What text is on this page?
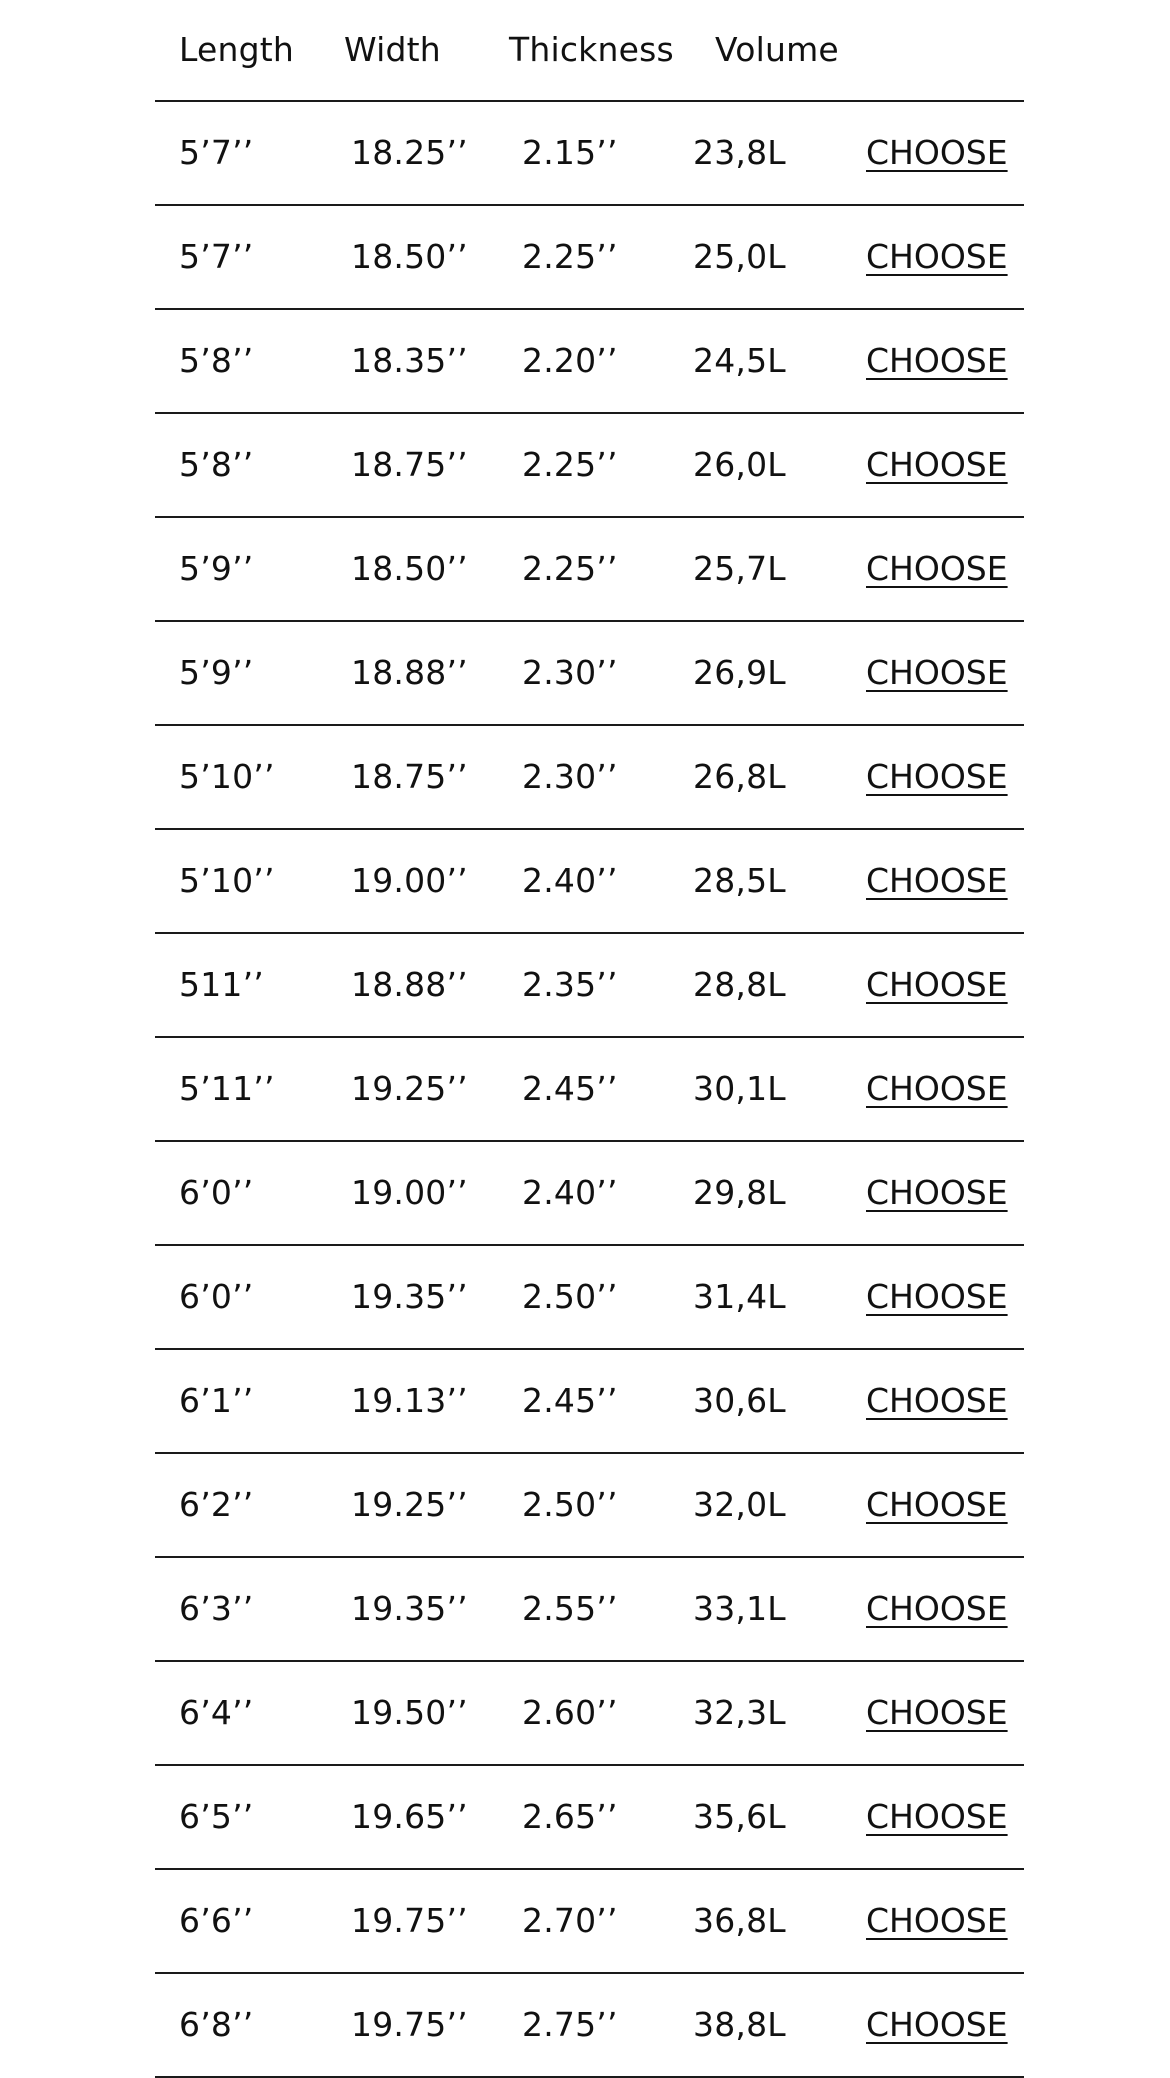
Length Width Thickness Volume
5’7’’	18.25’’ 2.15’’ 23,8L CHOOSE
5’7’’	18.50’’ 2.25’’ 25,0L CHOOSE
5’8’’	18.35’’ 2.20’’ 24,5L CHOOSE
5’8’’	18.75’’ 2.25’’ 26,0L CHOOSE
5’9’’	18.50’’ 2.25’’ 25,7L CHOOSE
5’9’’	18.88’’ 2.30’’ 26,9L CHOOSE
5’10’’ 18.75’’ 2.30’’ 26,8L CHOOSE
5’10’’ 19.00’’ 2.40’’ 28,5L CHOOSE
511’’	18.88’’ 2.35’’ 28,8L CHOOSE
5’11’’ 19.25’’ 2.45’’ 30,1L CHOOSE
6’0’’	19.00’’ 2.40’’ 29,8L CHOOSE
6’0’’	19.35’’ 2.50’’ 31,4L CHOOSE
6’1’’	19.13’’ 2.45’’ 30,6L CHOOSE
6’2’’	19.25’’ 2.50’’ 32,0L CHOOSE
6’3’’	19.35’’ 2.55’’ 33,1L CHOOSE
6’4’’	19.50’’ 2.60’’ 32,3L CHOOSE
6’5’’	19.65’’ 2.65’’ 35,6L CHOOSE
6’6’’	19.75’’ 2.70’’ 36,8L CHOOSE
6’8’’	19.75’’ 2.75’’ 38,8L CHOOSE
